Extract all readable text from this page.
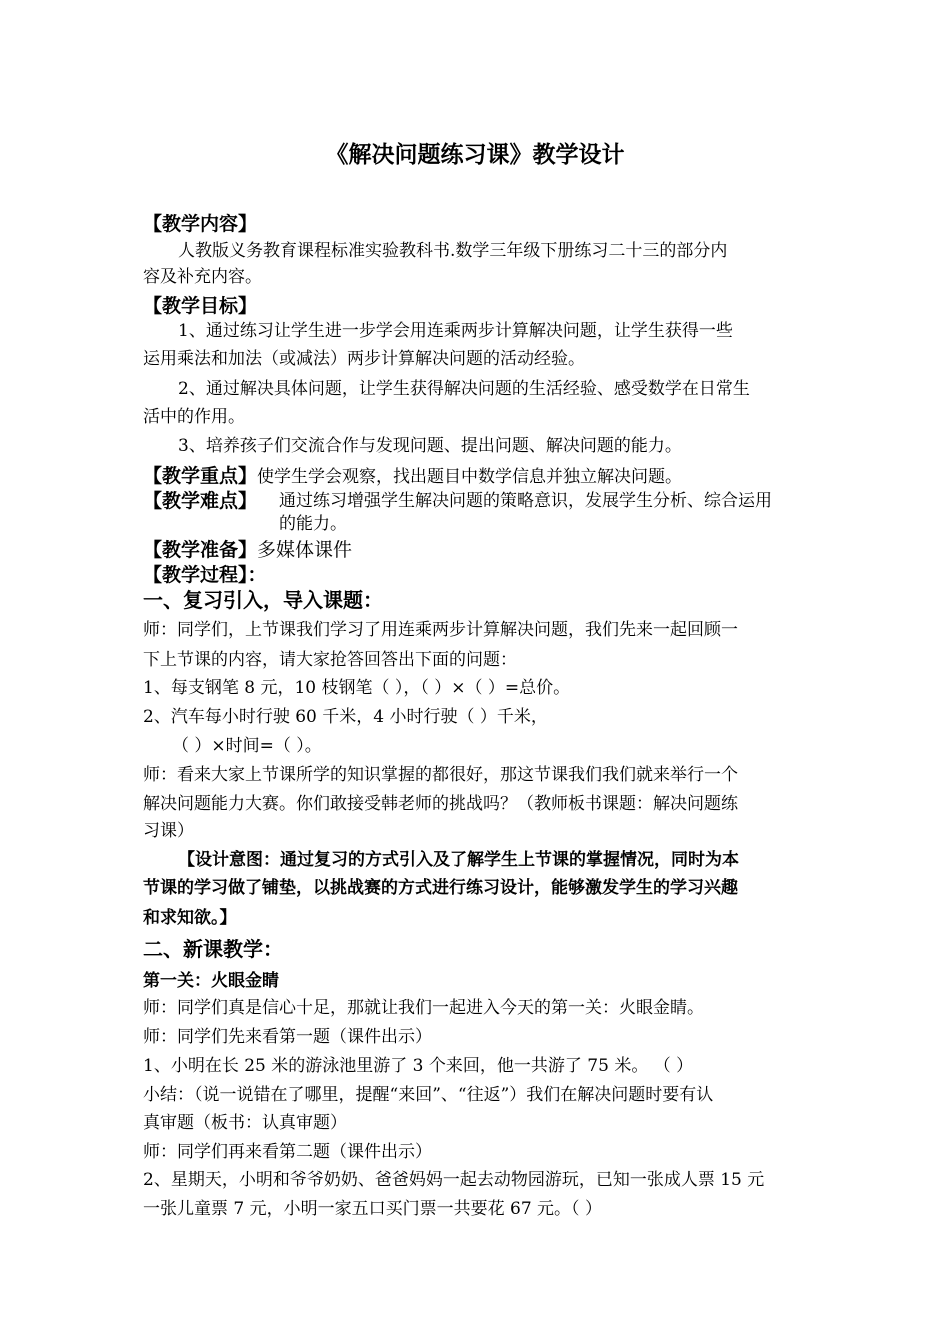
《解决问题练习课》教学设计
【教学内容】
人教版义务教育课程标准实验教科书.数学三年级下册练习二十三的部分内
容及补充内容。
【教学目标】
1、通过练习让学生进一步学会用连乘两步计算解决问题，让学生获得一些
运用乘法和加法（或减法）两步计算解决问题的活动经验。
2、通过解决具体问题，让学生获得解决问题的生活经验、感受数学在日常生
活中的作用。
3、培养孩子们交流合作与发现问题、提出问题、解决问题的能力。
【教学重点】使学生学会观察，找出题目中数学信息并独立解决问题。
【教学难点】 通过练习增强学生解决问题的策略意识，发展学生分析、综合运用
的能力。
【教学准备】多媒体课件
【教学过程】：
一、复习引入，导入课题：
师：同学们，上节课我们学习了用连乘两步计算解决问题，我们先来一起回顾一
下上节课的内容，请大家抢答回答出下面的问题：
1、每支钢笔 8 元，10 枝钢笔（ ），（ ）×（ ）=总价。
2、汽车每小时行驶 60 千米，4 小时行驶（ ）千米，
（ ）×时间=（ ）。
师：看来大家上节课所学的知识掌握的都很好，那这节课我们我们就来举行一个
解决问题能力大赛。你们敢接受韩老师的挑战吗？（教师板书课题：解决问题练
习课）
【设计意图：通过复习的方式引入及了解学生上节课的掌握情况，同时为本
节课的学习做了铺垫，以挑战赛的方式进行练习设计，能够激发学生的学习兴趣
和求知欲。】
二、新课教学：
第一关：火眼金睛
师：同学们真是信心十足，那就让我们一起进入今天的第一关：火眼金睛。
师：同学们先来看第一题（课件出示）
1、小明在长 25 米的游泳池里游了 3 个来回，他一共游了 75 米。 （ ）
小结：（说一说错在了哪里，提醒“来回”、“往返”）我们在解决问题时要有认
真审题（板书：认真审题）
师：同学们再来看第二题（课件出示）
2、星期天，小明和爷爷奶奶、爸爸妈妈一起去动物园游玩，已知一张成人票 15 元
一张儿童票 7 元，小明一家五口买门票一共要花 67 元。（ ）
